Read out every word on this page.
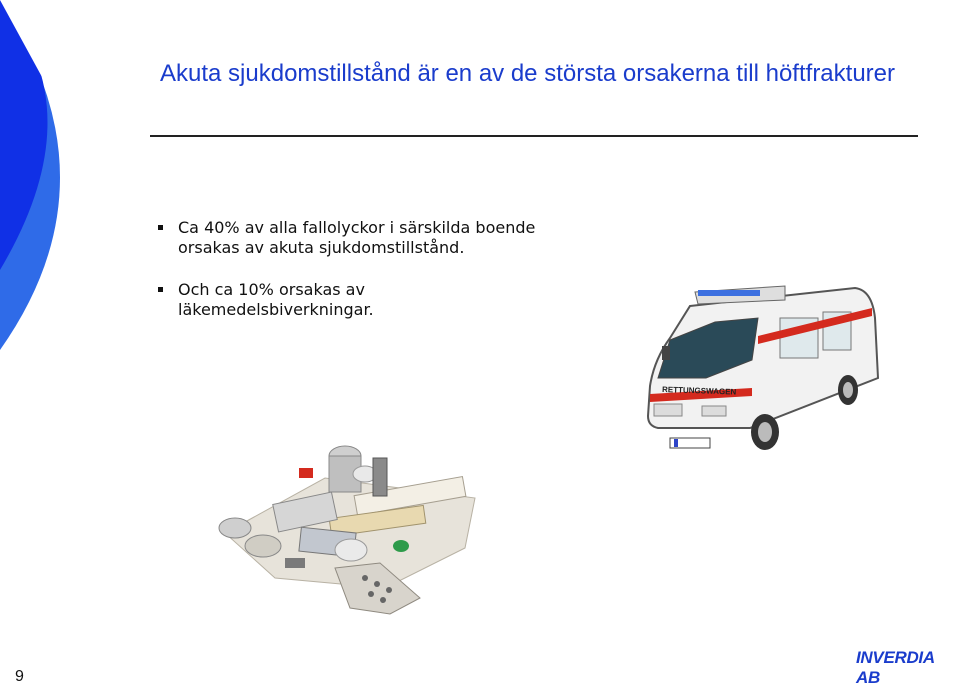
Akuta sjukdomstillstånd är en av de största orsakerna till höftfrakturer
Ca 40% av alla fallolyckor i särskilda boende orsakas av akuta sjukdomstillstånd.
Och ca 10% orsakas av läkemedelsbiverkningar.
RETTUNGSWAGEN
9
INVERDIA AB
